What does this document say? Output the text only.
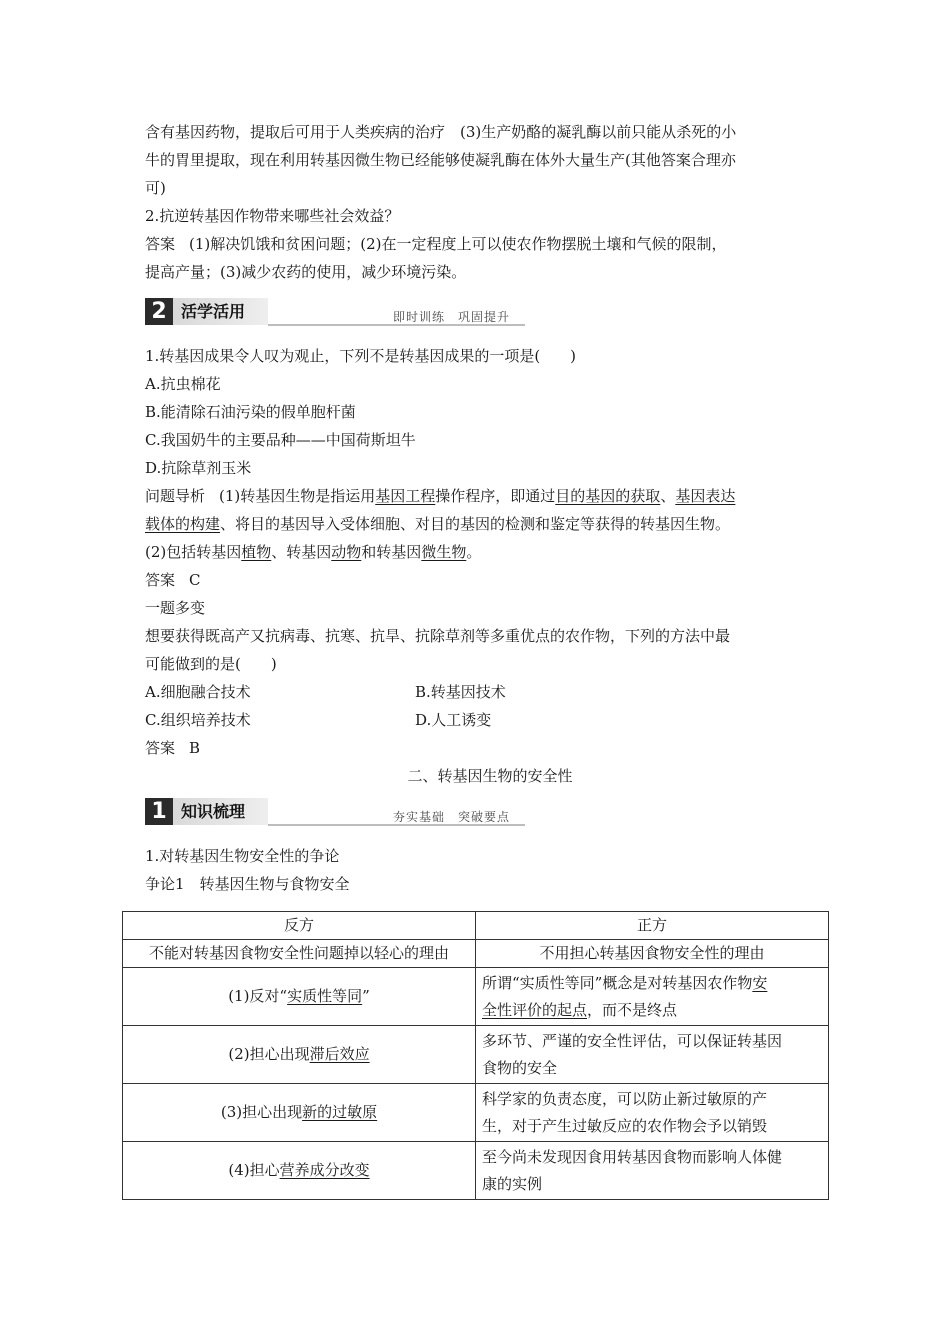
含有基因药物，提取后可用于人类疾病的治疗　(3)生产奶酪的凝乳酶以前只能从杀死的小

牛的胃里提取，现在利用转基因微生物已经能够使凝乳酶在体外大量生产(其他答案合理亦

可)

2.抗逆转基因作物带来哪些社会效益？

答案 (1)解决饥饿和贫困问题；(2)在一定程度上可以使农作物摆脱土壤和气候的限制，

提高产量；(3)减少农药的使用，减少环境污染。

2 活学活用	即时训练　巩固提升

1.转基因成果令人叹为观止，下列不是转基因成果的一项是(　　)

A.抗虫棉花

B.能清除石油污染的假单胞杆菌

C.我国奶牛的主要品种——中国荷斯坦牛

D.抗除草剂玉米

问题导析 (1)转基因生物是指运用基因工程操作程序，即通过目的基因的获取、基因表达
载体的构建、将目的基因导入受体细胞、对目的基因的检测和鉴定等获得的转基因生物。

(2)包括转基因植物、转基因动物和转基因微生物。

答案 C

一题多变

想要获得既高产又抗病毒、抗寒、抗旱、抗除草剂等多重优点的农作物，下列的方法中最

可能做到的是(　　)

A.细胞融合技术	B.转基因技术
C.组织培养技术	D.人工诱变

答案 B

二、转基因生物的安全性

1 知识梳理	夯实基础　突破要点

1.对转基因生物安全性的争论

争论1　转基因生物与食物安全

反方	正方
不能对转基因食物安全性问题掉以轻心的理由	不用担心转基因食物安全性的理由
(1)反对“实质性等同”	所谓“实质性等同”概念是对转基因农作物安
全性评价的起点，而不是终点
(2)担心出现滞后效应	多环节、严谨的安全性评估，可以保证转基因
食物的安全
(3)担心出现新的过敏原	科学家的负责态度，可以防止新过敏原的产
生，对于产生过敏反应的农作物会予以销毁
(4)担心营养成分改变	至今尚未发现因食用转基因食物而影响人体健
康的实例
